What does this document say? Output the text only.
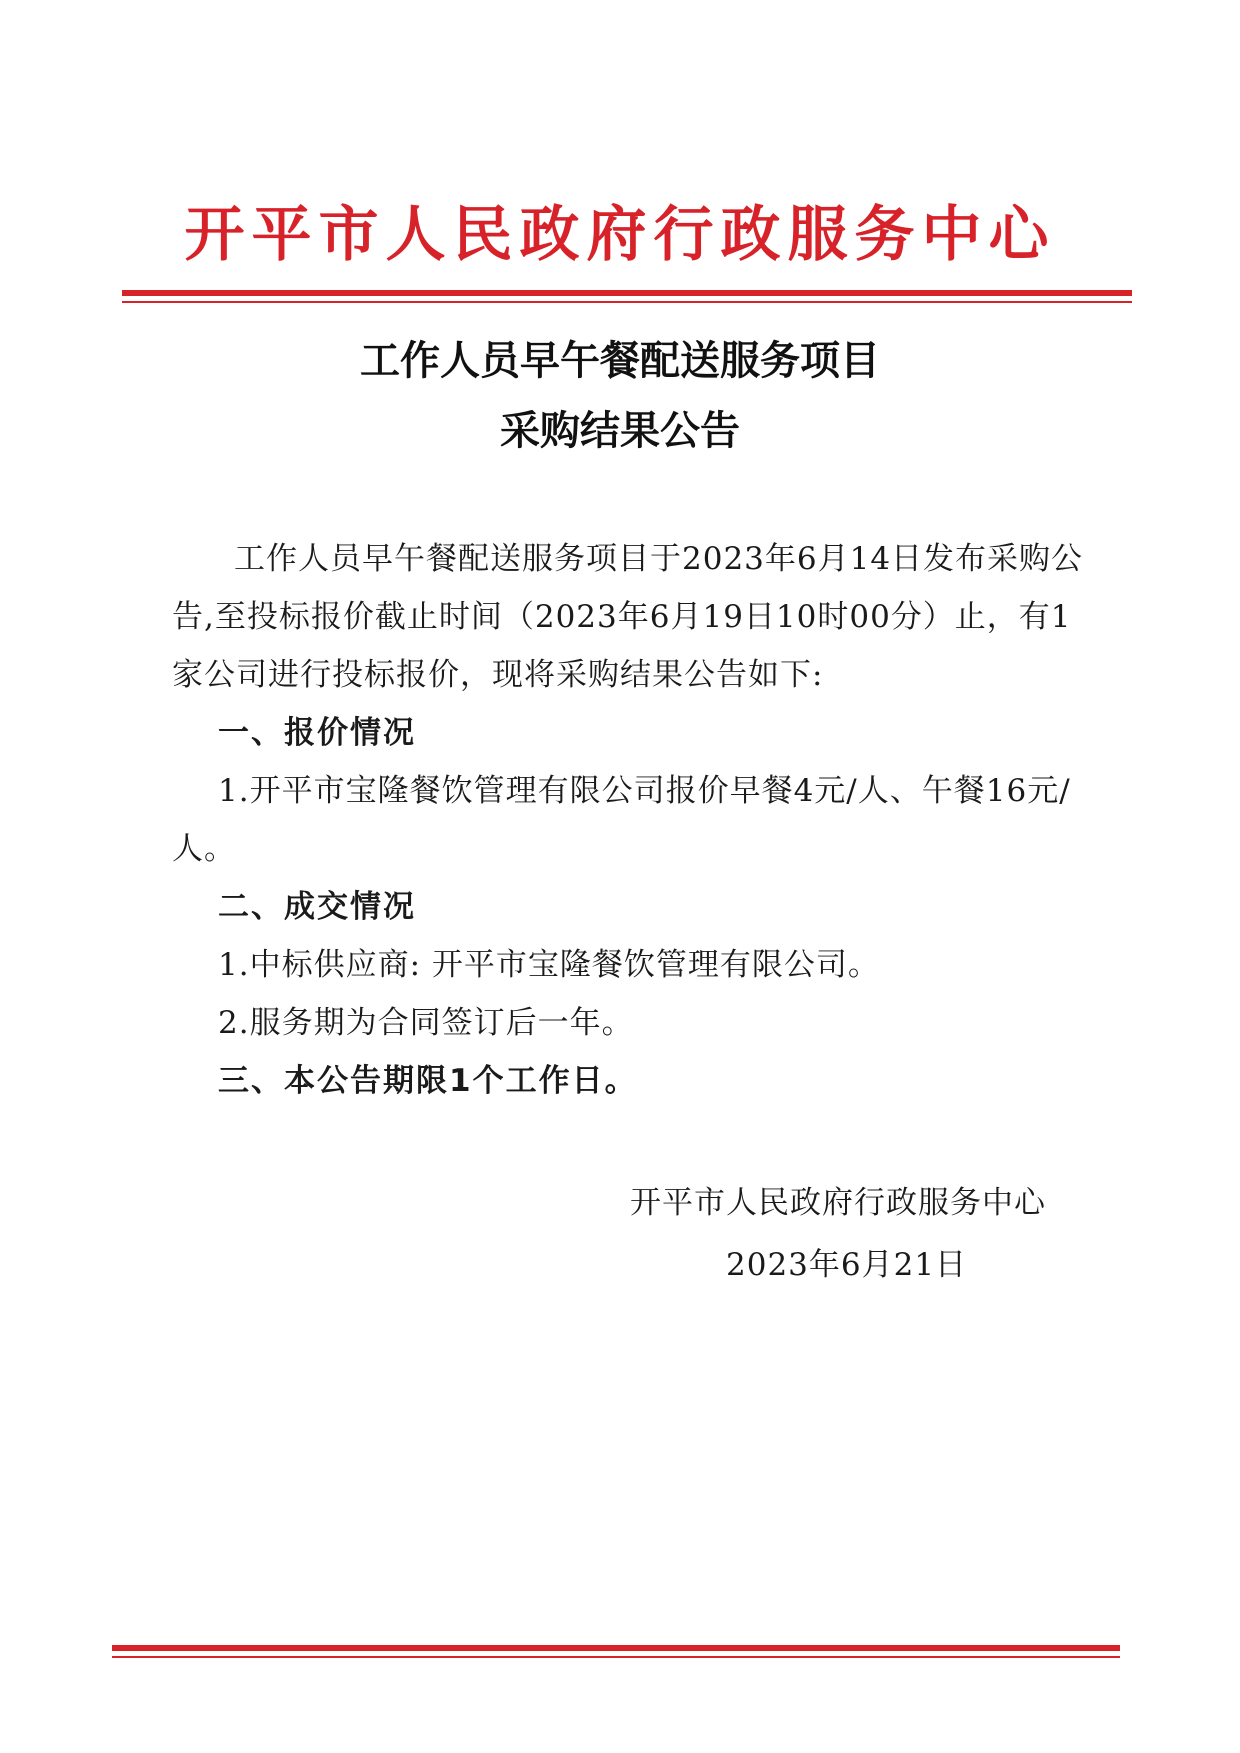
开平市人民政府行政服务中心
工作人员早午餐配送服务项目
采购结果公告

工作人员早午餐配送服务项目于2023年6月14日发布采购公告,至投标报价截止时间（2023年6月19日10时00分）止，有1家公司进行投标报价，现将采购结果公告如下:

一、报价情况

1.开平市宝隆餐饮管理有限公司报价早餐4元/人、午餐16元/人。

二、成交情况

1.中标供应商: 开平市宝隆餐饮管理有限公司。

2.服务期为合同签订后一年。

三、本公告期限1个工作日。

开平市人民政府行政服务中心
2023年6月21日
